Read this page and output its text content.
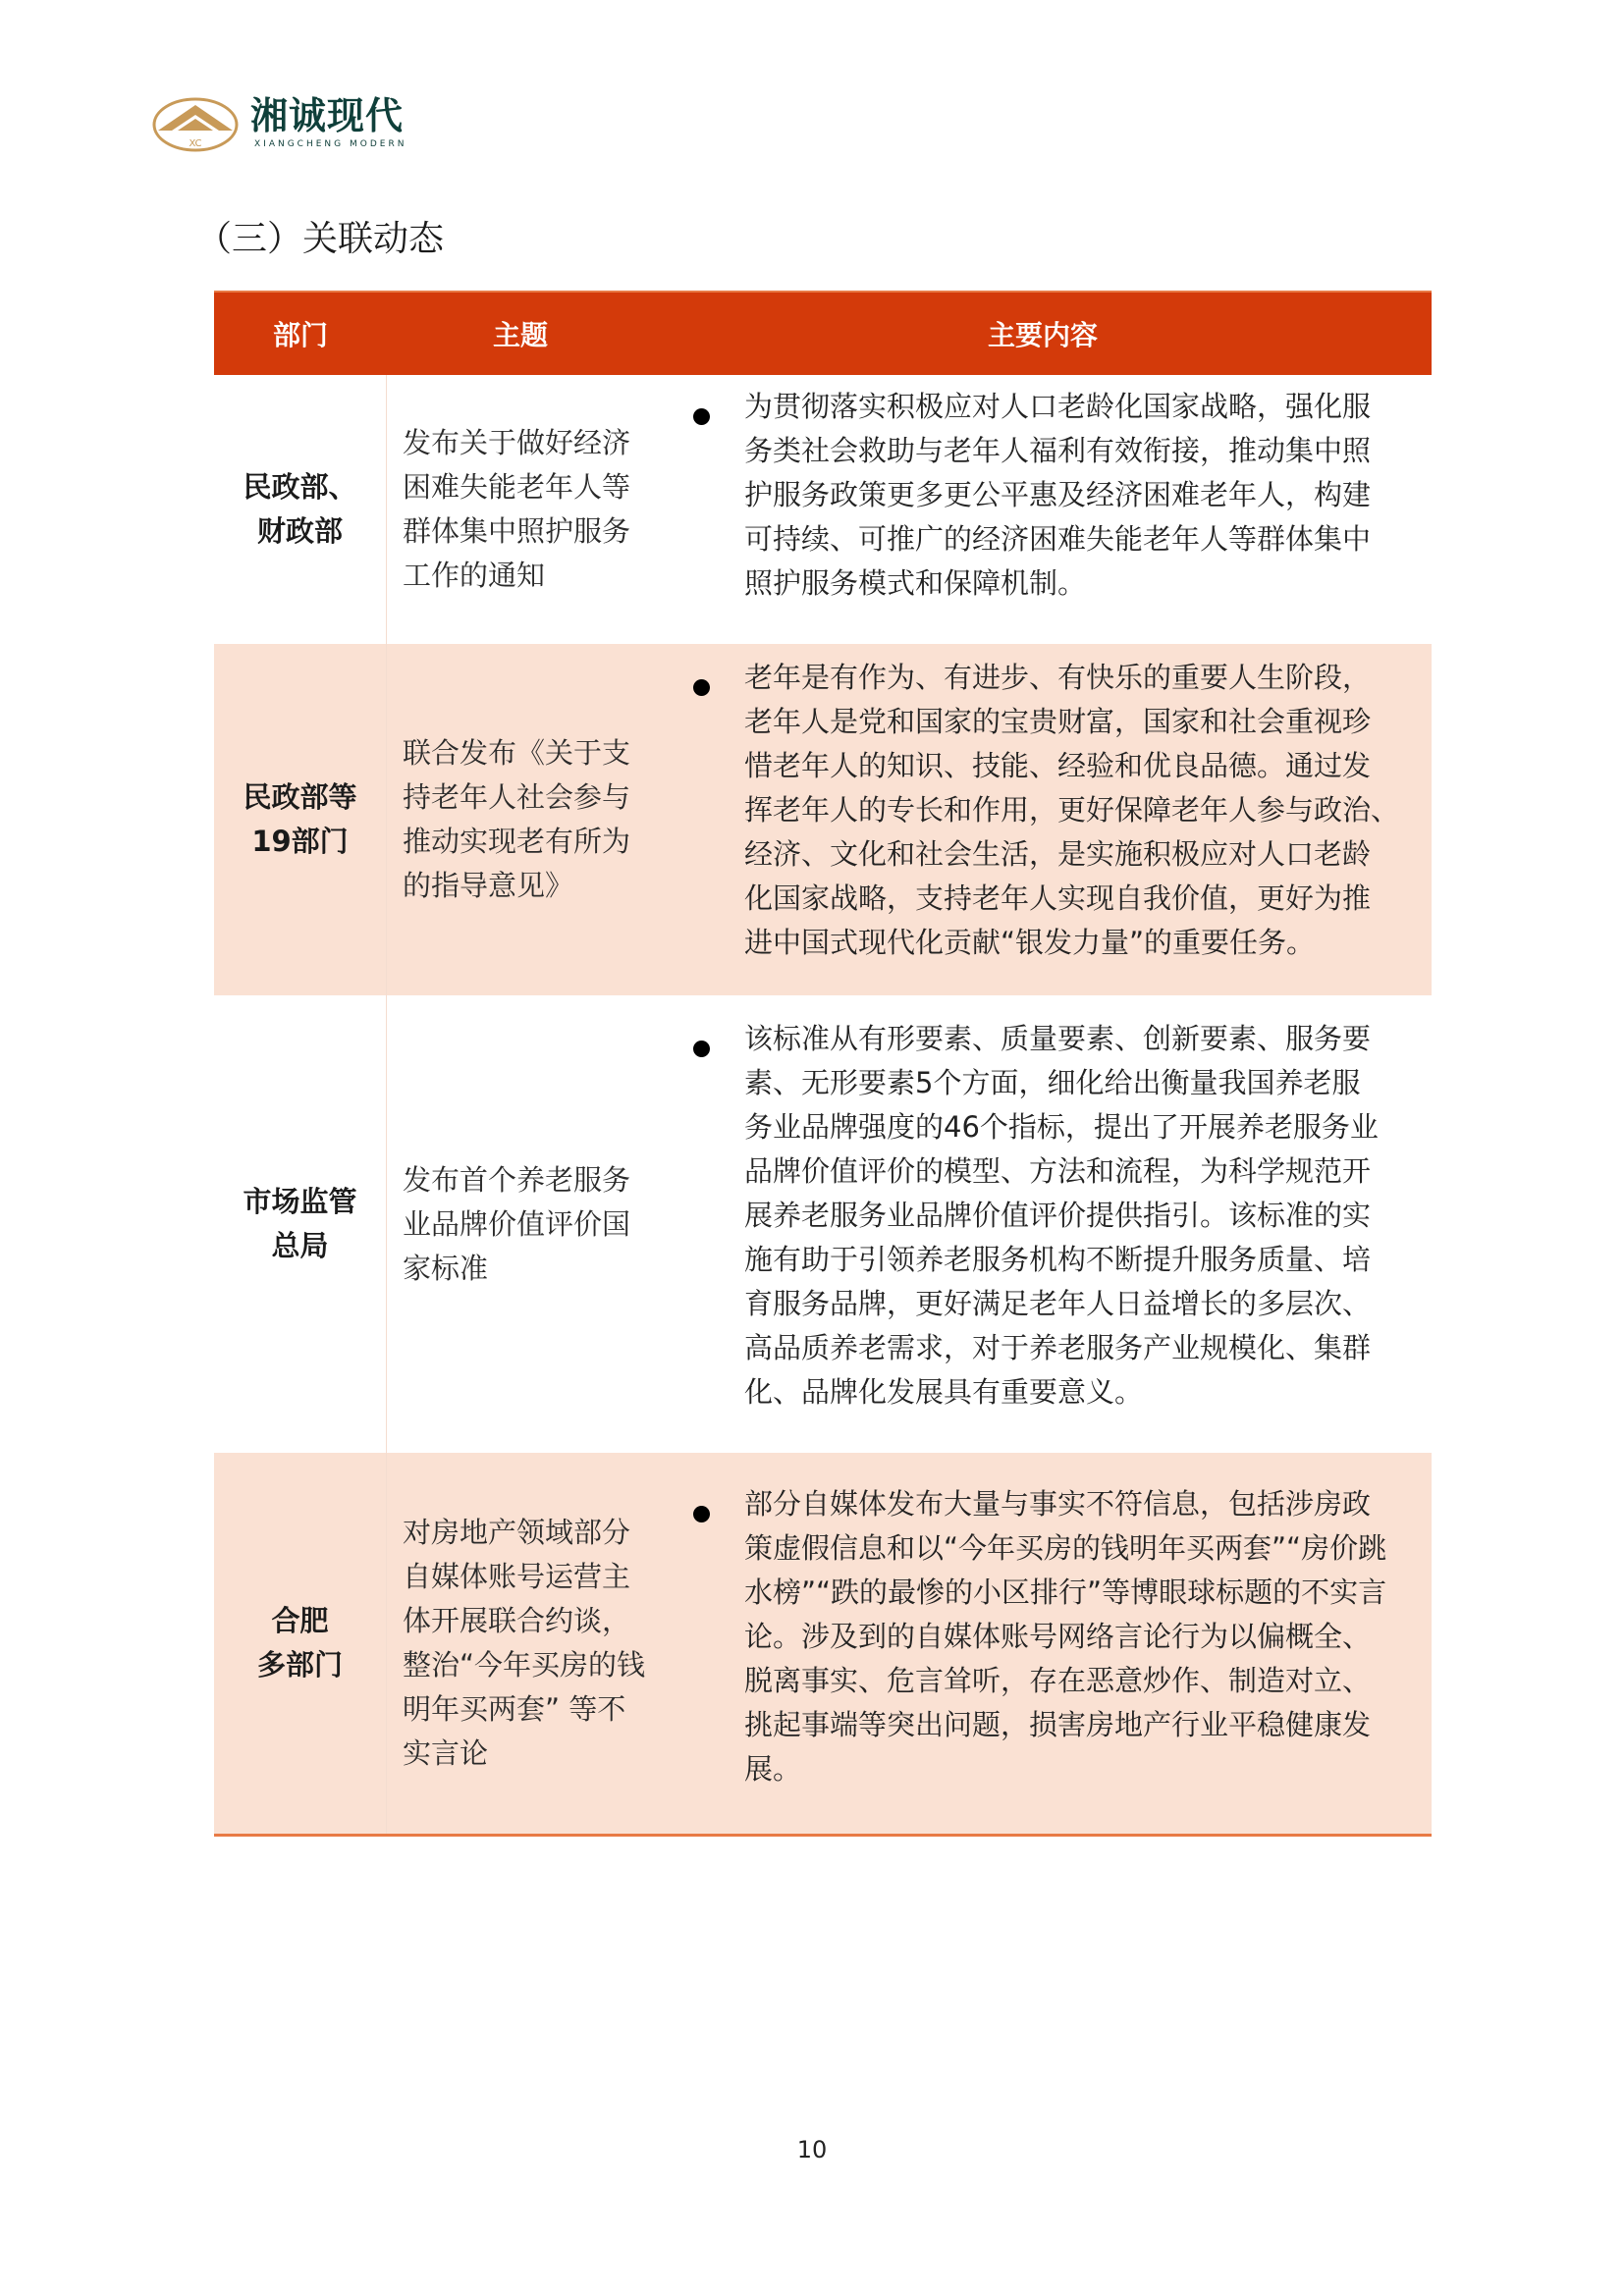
XC
湘诚现代
XIANGCHENG MODERN
（三）关联动态
部门	主题	主要内容
民政部、
财政部
发布关于做好经济
困难失能老年人等
群体集中照护服务
工作的通知
为贯彻落实积极应对人口老龄化国家战略，强化服
务类社会救助与老年人福利有效衔接，推动集中照
护服务政策更多更公平惠及经济困难老年人，构建
可持续、可推广的经济困难失能老年人等群体集中
照护服务模式和保障机制。
民政部等
19部门
联合发布《关于支
持老年人社会参与
推动实现老有所为
的指导意见》
老年是有作为、有进步、有快乐的重要人生阶段，
老年人是党和国家的宝贵财富，国家和社会重视珍
惜老年人的知识、技能、经验和优良品德。通过发
挥老年人的专长和作用，更好保障老年人参与政治、
经济、文化和社会生活，是实施积极应对人口老龄
化国家战略，支持老年人实现自我价值，更好为推
进中国式现代化贡献“银发力量”的重要任务。
市场监管
总局
发布首个养老服务
业品牌价值评价国
家标准
该标准从有形要素、质量要素、创新要素、服务要
素、无形要素5个方面，细化给出衡量我国养老服
务业品牌强度的46个指标，提出了开展养老服务业
品牌价值评价的模型、方法和流程，为科学规范开
展养老服务业品牌价值评价提供指引。该标准的实
施有助于引领养老服务机构不断提升服务质量、培
育服务品牌，更好满足老年人日益增长的多层次、
高品质养老需求，对于养老服务产业规模化、集群
化、品牌化发展具有重要意义。
合肥
多部门
对房地产领域部分
自媒体账号运营主
体开展联合约谈，
整治“今年买房的钱
明年买两套” 等不
实言论
部分自媒体发布大量与事实不符信息，包括涉房政
策虚假信息和以“今年买房的钱明年买两套”“房价跳
水榜”“跌的最惨的小区排行”等博眼球标题的不实言
论。涉及到的自媒体账号网络言论行为以偏概全、
脱离事实、危言耸听，存在恶意炒作、制造对立、
挑起事端等突出问题，损害房地产行业平稳健康发
展。
10
